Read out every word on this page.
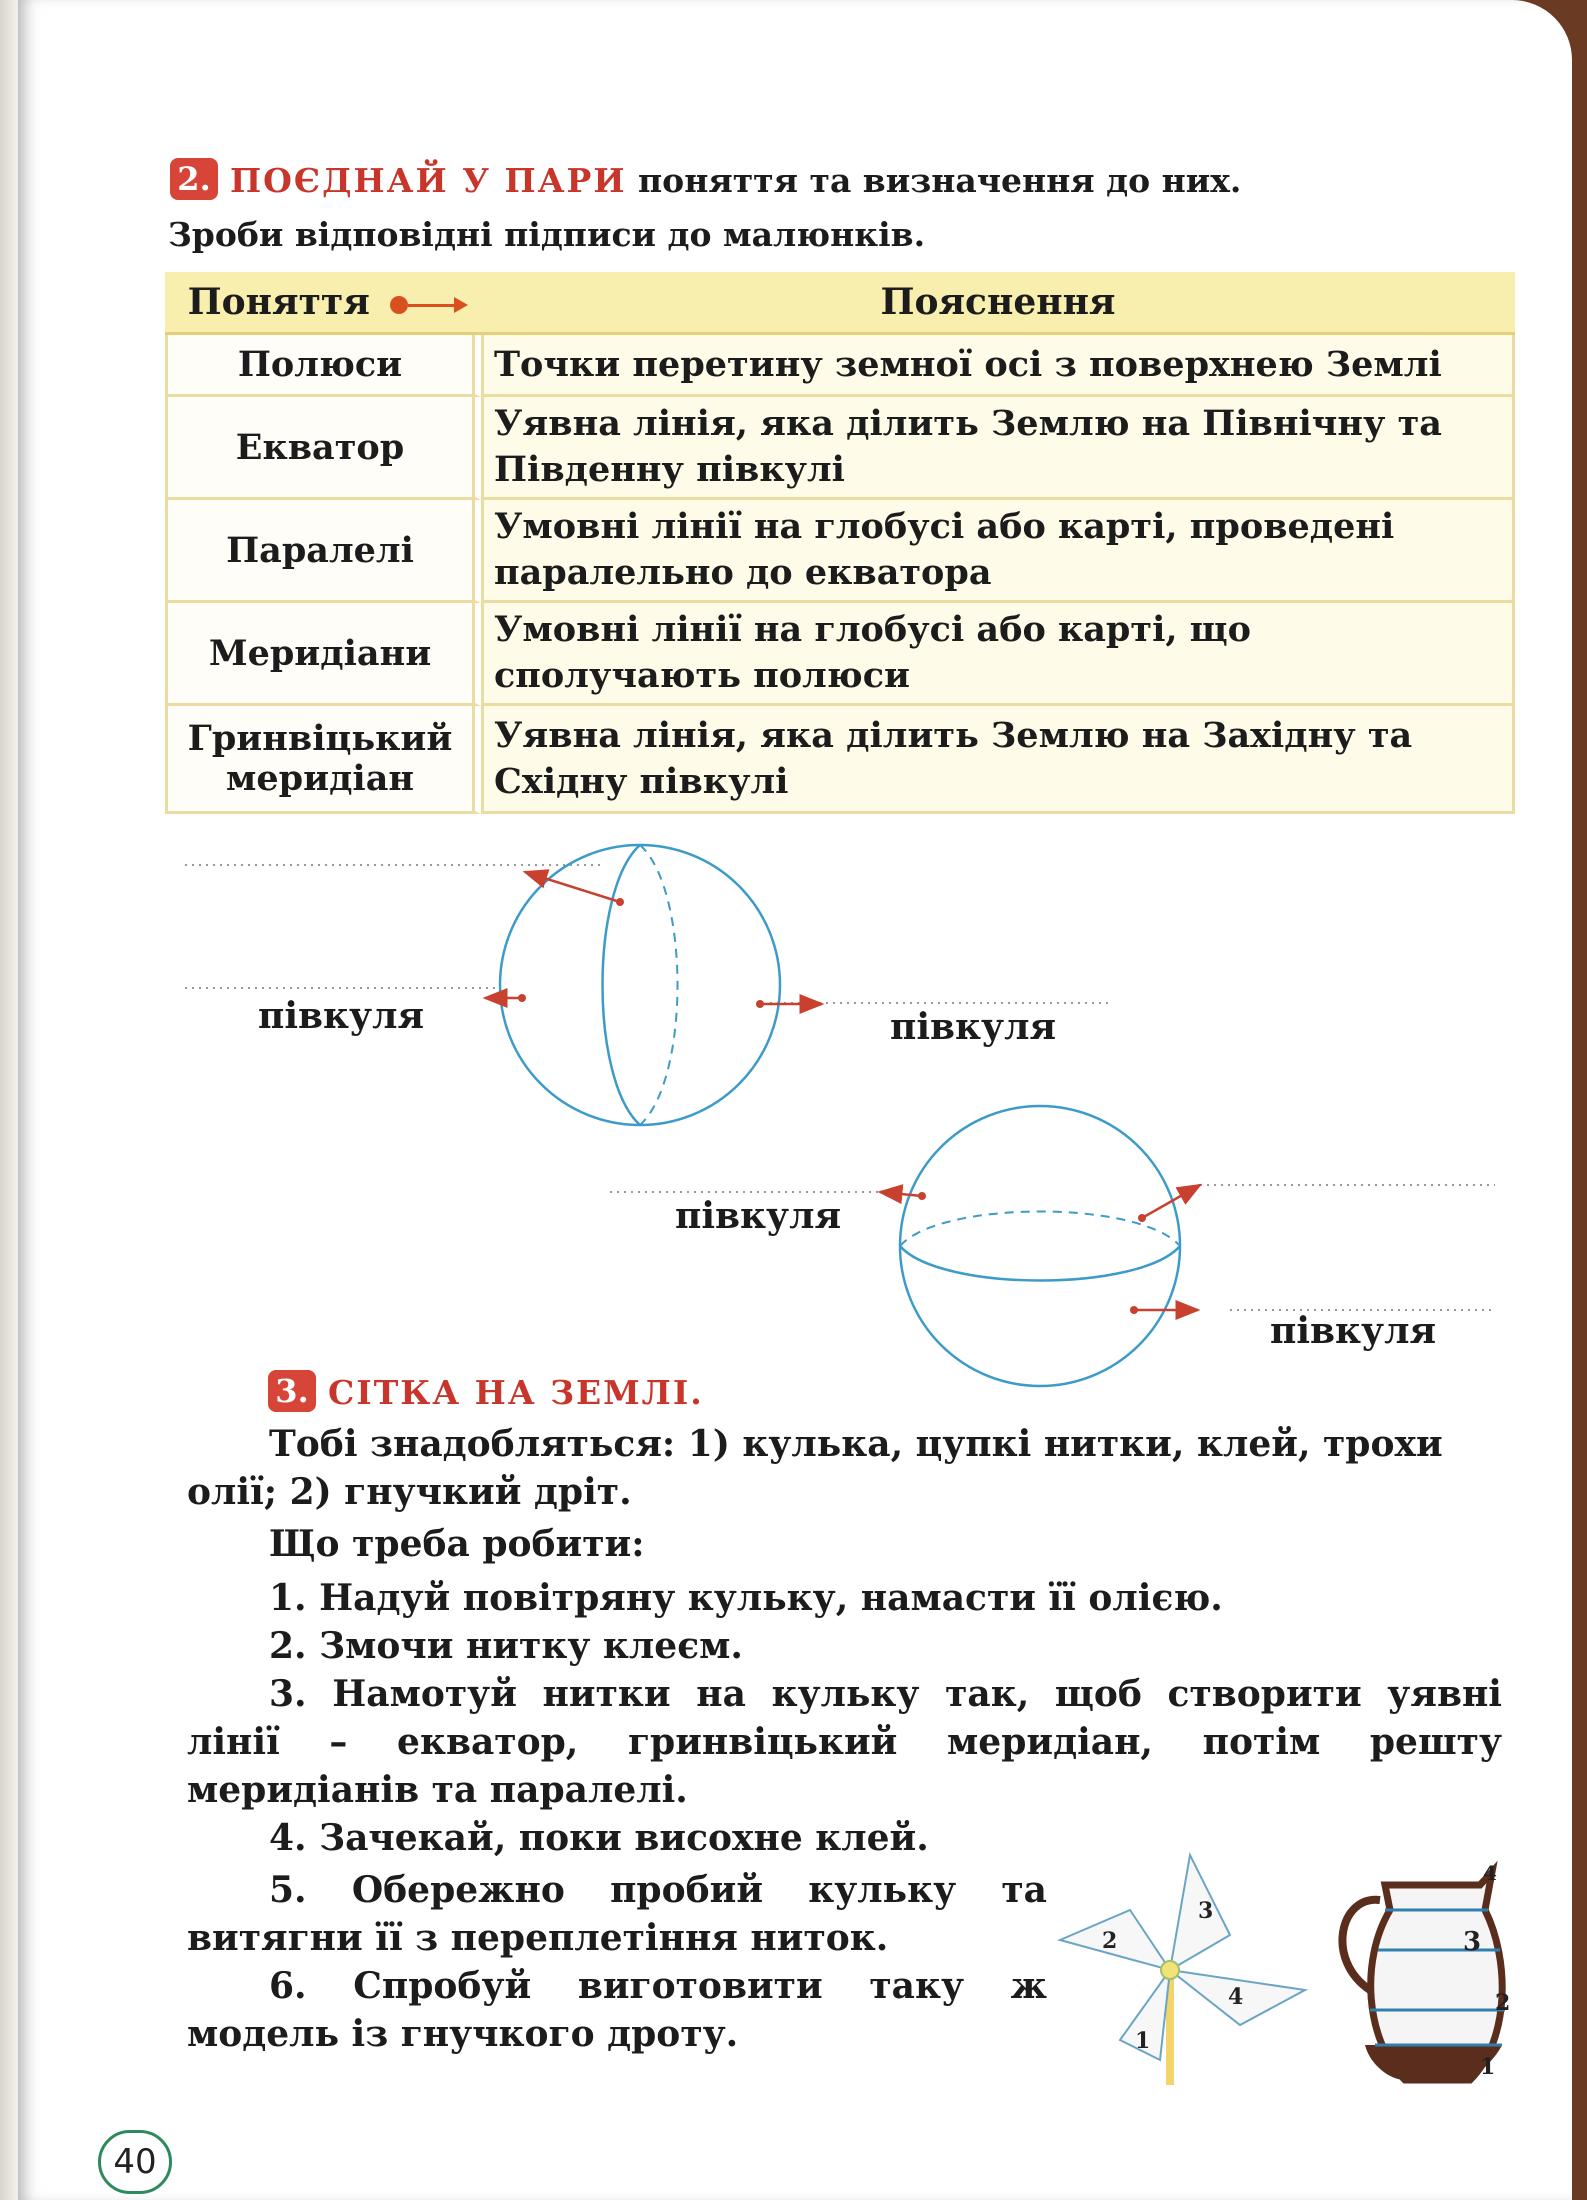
2. ПОЄДНАЙ У ПАРИ поняття та визначення до них.
Зроби відповідні підписи до малюнків.
Поняття	Пояснення
Полюси	Точки перетину земної осі з поверхнею Землі
Екватор	Уявна лінія, яка ділить Землю на Північну та Південну півкулі
Паралелі	Умовні лінії на глобусі або карті, проведені паралельно до екватора
Меридіани	Умовні лінії на глобусі або карті, що сполучають полюси
Гринвіцький меридіан	Уявна лінія, яка ділить Землю на Західну та Східну півкулі
півкуля	півкуля
півкуля
півкуля
3. СІТКА НА ЗЕМЛІ.

Тобі знадобляться: 1) кулька, цупкі нитки, клей, трохи олії; 2) гнучкий дріт.

Що треба робити:

1. Надуй повітряну кульку, намасти її олією.

2. Змочи нитку клеєм.

3. Намотуй нитки на кульку так, щоб створити уявні лінії – екватор, гринвіцький меридіан, потім решту меридіанів та паралелі.

4. Зачекай, поки висохне клей.

5. Обережно пробий кульку та витягни її з переплетіння ниток.

6. Спробуй виготовити таку ж модель із гнучкого дроту.	1
2
3
4
1
2
3
4
40
